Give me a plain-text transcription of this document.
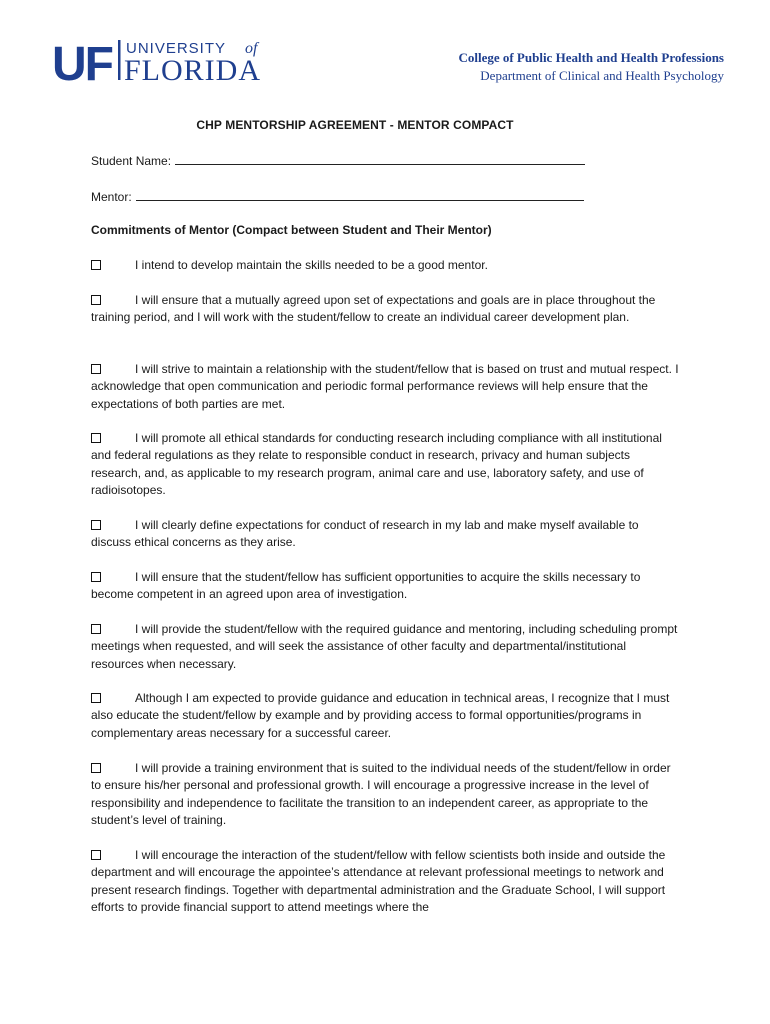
UF UNIVERSITY of
FLORIDA	College of Public Health and Health Professions
Department of Clinical and Health Psychology
CHP MENTORSHIP AGREEMENT - MENTOR COMPACT
Student Name:
Mentor:
Commitments of Mentor (Compact between Student and Their Mentor)
I intend to develop maintain the skills needed to be a good mentor.
I will ensure that a mutually agreed upon set of expectations and goals are in place throughout the training period, and I will work with the student/fellow to create an individual career development plan.
I will strive to maintain a relationship with the student/fellow that is based on trust and mutual respect. I acknowledge that open communication and periodic formal performance reviews will help ensure that the expectations of both parties are met.
I will promote all ethical standards for conducting research including compliance with all institutional and federal regulations as they relate to responsible conduct in research, privacy and human subjects research, and, as applicable to my research program, animal care and use, laboratory safety, and use of radioisotopes.
I will clearly define expectations for conduct of research in my lab and make myself available to discuss ethical concerns as they arise.
I will ensure that the student/fellow has sufficient opportunities to acquire the skills necessary to become competent in an agreed upon area of investigation.
I will provide the student/fellow with the required guidance and mentoring, including scheduling prompt meetings when requested, and will seek the assistance of other faculty and departmental/institutional resources when necessary.
Although I am expected to provide guidance and education in technical areas, I recognize that I must also educate the student/fellow by example and by providing access to formal opportunities/programs in complementary areas necessary for a successful career.
I will provide a training environment that is suited to the individual needs of the student/fellow in order to ensure his/her personal and professional growth. I will encourage a progressive increase in the level of responsibility and independence to facilitate the transition to an independent career, as appropriate to the student’s level of training.
I will encourage the interaction of the student/fellow with fellow scientists both inside and outside the department and will encourage the appointee’s attendance at relevant professional meetings to network and present research findings. Together with departmental administration and the Graduate School, I will support efforts to provide financial support to attend meetings where the
